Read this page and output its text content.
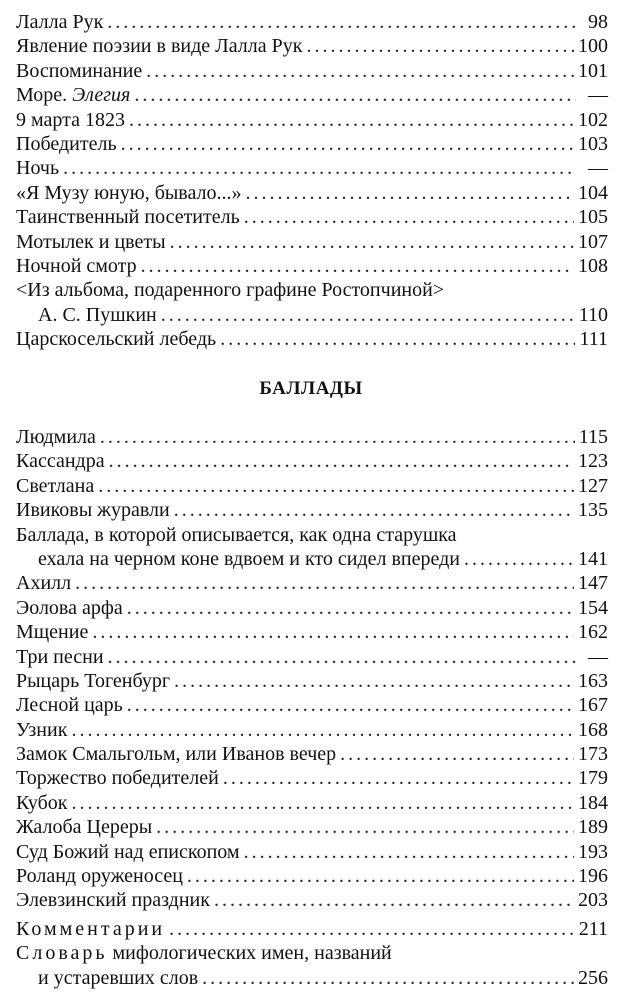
Лалла Рук . . .	98
Явление поэзии в виде Лалла Рук . . .	100
Воспоминание . . .	101
Море. Элегия . . .	—
9 марта 1823 . . .	102
Победитель . . .	103
Ночь . . .	—
«Я Музу юную, бывало...» . . .	104
Таинственный посетитель . . .	105
Мотылек и цветы . . .	107
Ночной смотр . . .	108
<Из альбома, подаренного графине Ростопчиной>
А. С. Пушкин . . .	110
Царскосельский лебедь . . .	111
БАЛЛАДЫ
Людмила . . .	115
Кассандра . . .	123
Светлана . . .	127
Ивиковы журавли . . .	135
Баллада, в которой описывается, как одна старушка
ехала на черном коне вдвоем и кто сидел впереди . . .	141
Ахилл . . .	147
Эолова арфа . . .	154
Мщение . . .	162
Три песни . . .	—
Рыцарь Тогенбург . . .	163
Лесной царь . . .	167
Узник . . .	168
Замок Смальгольм, или Иванов вечер . . .	173
Торжество победителей . . .	179
Кубок . . .	184
Жалоба Цереры . . .	189
Суд Божий над епископом . . .	193
Роланд оруженосец . . .	196
Элевзинский праздник . . .	203
Комментарии . . .	211
Словарь мифологических имен, названий
и устаревших слов . . .	256
